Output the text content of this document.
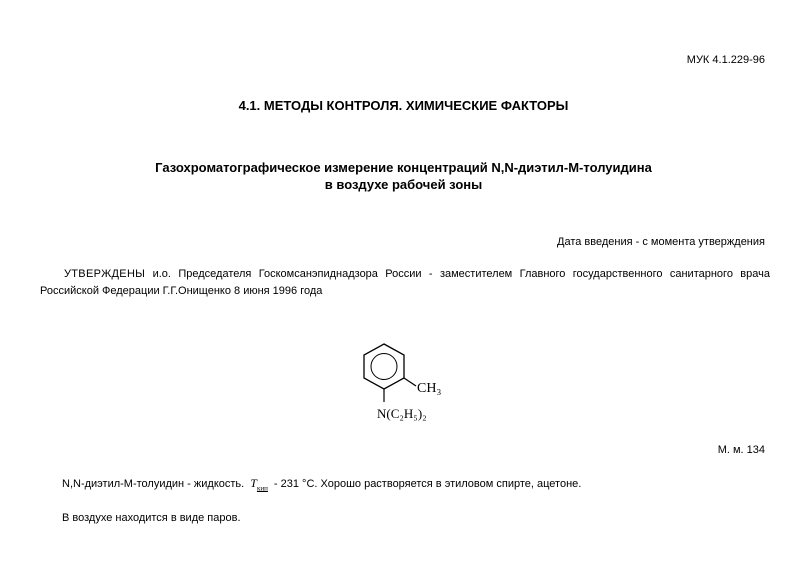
МУК 4.1.229-96
4.1. МЕТОДЫ КОНТРОЛЯ. ХИМИЧЕСКИЕ ФАКТОРЫ
Газохроматографическое измерение концентраций N,N-диэтил-М-толуидина
в воздухе рабочей зоны
Дата введения - с момента утверждения
УТВЕРЖДЕНЫ и.о. Председателя Госкомсанэпиднадзора России - заместителем Главного государственного санитарного врача Российской Федерации Г.Г.Онищенко 8 июня 1996 года
CH₃
N(C₂H₅)₂
М. м. 134
N,N-диэтил-М-толуидин - жидкость. $T_{кип} - 231$ °С. Хорошо растворяется в этиловом спирте, ацетоне.
В воздухе находится в виде паров.
